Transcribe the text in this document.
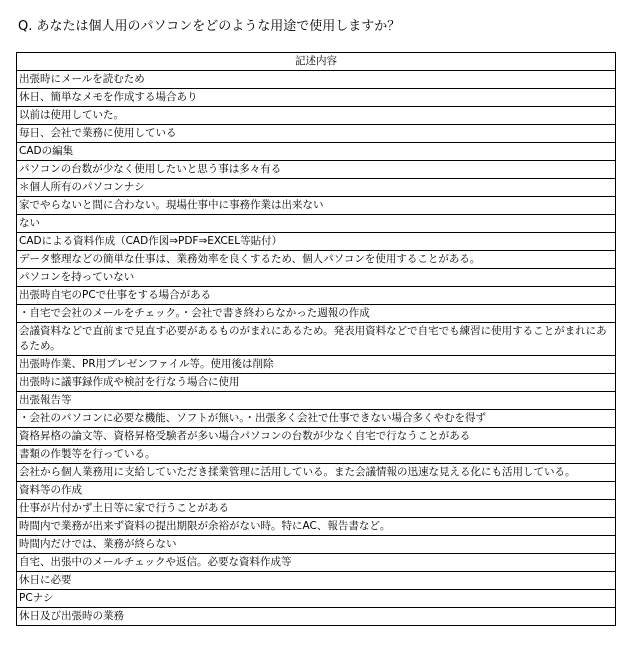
Q. あなたは個人用のパソコンをどのような用途で使用しますか？
記述内容
出張時にメールを読むため
休日、簡単なメモを作成する場合あり
以前は使用していた。
毎日、会社で業務に使用している
CADの編集
パソコンの台数が少なく使用したいと思う事は多々有る
＊個人所有のパソコンナシ
家でやらないと間に合わない。現場仕事中に事務作業は出来ない
ない
CADによる資料作成（CAD作図⇒PDF⇒EXCEL等貼付）
データ整理などの簡単な仕事は、業務効率を良くするため、個人パソコンを使用することがある。
パソコンを持っていない
出張時自宅のPCで仕事をする場合がある
・自宅で会社のメールをチェック。・会社で書き終わらなかった週報の作成
会議資料などで直前まで見直す必要があるものがまれにあるため。発表用資料などで自宅でも練習に使用することがまれにあるため。
出張時作業、PR用プレゼンファイル等。使用後は削除
出張時に議事録作成や検討を行なう場合に使用
出張報告等
・会社のパソコンに必要な機能、ソフトが無い。・出張多く会社で仕事できない場合多くやむを得ず
資格昇格の論文等、資格昇格受験者が多い場合パソコンの台数が少なく自宅で行なうことがある
書類の作製等を行っている。
会社から個人業務用に支給していただき揉業管理に活用している。また会議情報の迅速な見える化にも活用している。
資料等の作成
仕事が片付かず土日等に家で行うことがある
時間内で業務が出来ず資料の提出期限が余裕がない時。特にAC、報告書など。
時間内だけでは、業務が終らない
自宅、出張中のメールチェックや返信。必要な資料作成等
休日に必要
PCナシ
休日及び出張時の業務
